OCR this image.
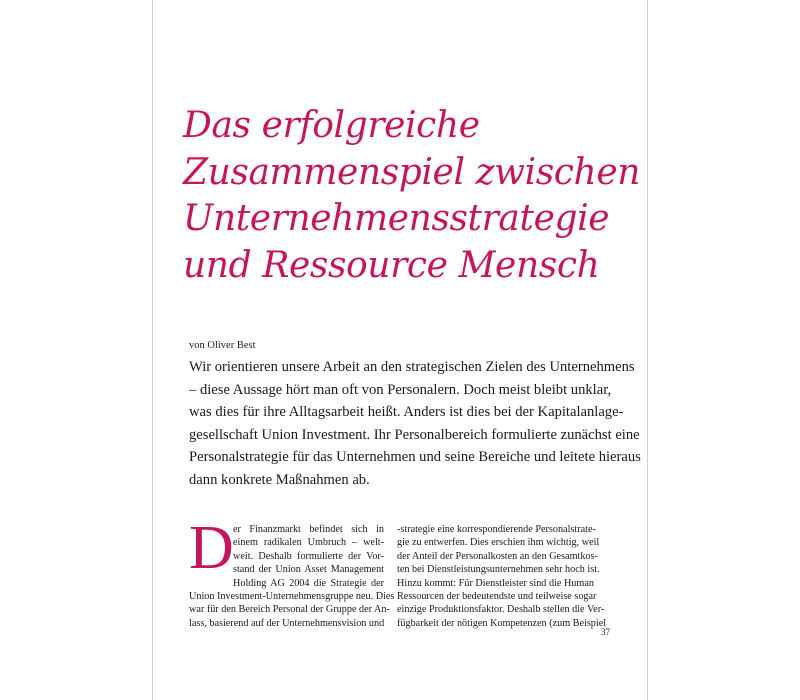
Das erfolgreiche
Zusammenspiel zwischen
Unternehmensstrategie
und Ressource Mensch
von Oliver Best
Wir orientieren unsere Arbeit an den strategischen Zielen des Unternehmens
– diese Aussage hört man oft von Personalern. Doch meist bleibt unklar,
was dies für ihre Alltagsarbeit heißt. Anders ist dies bei der Kapitalanlage-
gesellschaft Union Investment. Ihr Personalbereich formulierte zunächst eine
Personalstrategie für das Unternehmen und seine Bereiche und leitete hieraus
dann konkrete Maßnahmen ab.
D er Finanzmarkt befindet sich in
einem radikalen Umbruch – welt-
weit. Deshalb formulierte der Vor-
stand der Union Asset Management
Holding AG 2004 die Strategie der
Union Investment-Unternehmensgruppe neu. Dies
war für den Bereich Personal der Gruppe der An-
lass, basierend auf der Unternehmensvision und
-strategie eine korrespondierende Personalstrate-
gie zu entwerfen. Dies erschien ihm wichtig, weil
der Anteil der Personalkosten an den Gesamtkos-
ten bei Dienstleistungsunternehmen sehr hoch ist.
Hinzu kommt: Für Dienstleister sind die Human
Ressourcen der bedeutendste und teilweise sogar
einzige Produktionsfaktor. Deshalb stellen die Ver-
fügbarkeit der nötigen Kompetenzen (zum Beispiel
37
